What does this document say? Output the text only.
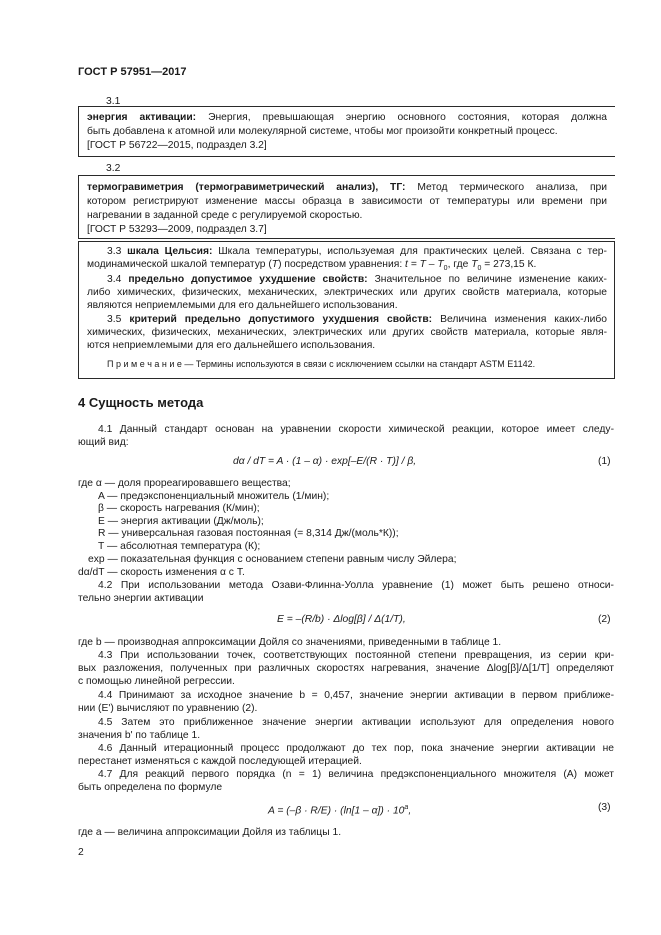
ГОСТ Р 57951—2017
3.1
энергия активации: Энергия, превышающая энергию основного состояния, которая должна
быть добавлена к атомной или молекулярной системе, чтобы мог произойти конкретный процесс.
[ГОСТ Р 56722—2015, подраздел 3.2]
3.2
термогравиметрия (термогравиметрический анализ), ТГ: Метод термического анализа, при
котором регистрируют изменение массы образца в зависимости от температуры или времени при
нагревании в заданной среде с регулируемой скоростью.
[ГОСТ Р 53293—2009, подраздел 3.7]
3.3 шкала Цельсия: Шкала температуры, используемая для практических целей. Связана с тер-
модинамической шкалой температур (T) посредством уравнения: $t = T - T_0$, где $T_0 = 273,15$ К.
3.4 предельно допустимое ухудшение свойств: Значительное по величине изменение каких-
либо химических, физических, механических, электрических или других свойств материала, которые
являются неприемлемыми для его дальнейшего использования.
3.5 критерий предельно допустимого ухудшения свойств: Величина изменения каких-либо
химических, физических, механических, электрических или других свойств материала, которые явля-
ются неприемлемыми для его дальнейшего использования.
П р и м е ч а н и е — Термины используются в связи с исключением ссылки на стандарт ASTM E1142.
4 Сущность метода
4.1 Данный стандарт основан на уравнении скорости химической реакции, которое имеет следу-
ющий вид:
dα / dT = A · (1 – α) · exp[–E/(R · T)] / β,	(1)
где α — доля прореагировавшего вещества;
A — предэкспоненциальный множитель (1/мин);
β — скорость нагревания (К/мин);
E — энергия активации (Дж/моль);
R — универсальная газовая постоянная (= 8,314 Дж/(моль*К));
T — абсолютная температура (К);
exp — показательная функция с основанием степени равным числу Эйлера;
dα/dT — скорость изменения α с T.
4.2 При использовании метода Озави-Флинна-Уолла уравнение (1) может быть решено относи-
тельно энергии активации
E = –(R/b) · Δlog[β] / Δ(1/T),	(2)
где b — производная аппроксимации Дойля со значениями, приведенными в таблице 1.
4.3 При использовании точек, соответствующих постоянной степени превращения, из серии кри-
вых разложения, полученных при различных скоростях нагревания, значение Δlog[β]/Δ[1/T] определяют
с помощью линейной регрессии.
4.4 Принимают за исходное значение b = 0,457, значение энергии активации в первом приближе-
нии (E') вычисляют по уравнению (2).
4.5 Затем это приближенное значение энергии активации используют для определения нового
значения b' по таблице 1.
4.6 Данный итерационный процесс продолжают до тех пор, пока значение энергии активации не
перестанет изменяться с каждой последующей итерацией.
4.7 Для реакций первого порядка (n = 1) величина предэкспоненциального множителя (A) может
быть определена по формуле
$A = (-\beta \cdot R/E) \cdot (\ln[1 - \alpha]) \cdot 10^a$,	(3)
где a — величина аппроксимации Дойля из таблицы 1.
2
